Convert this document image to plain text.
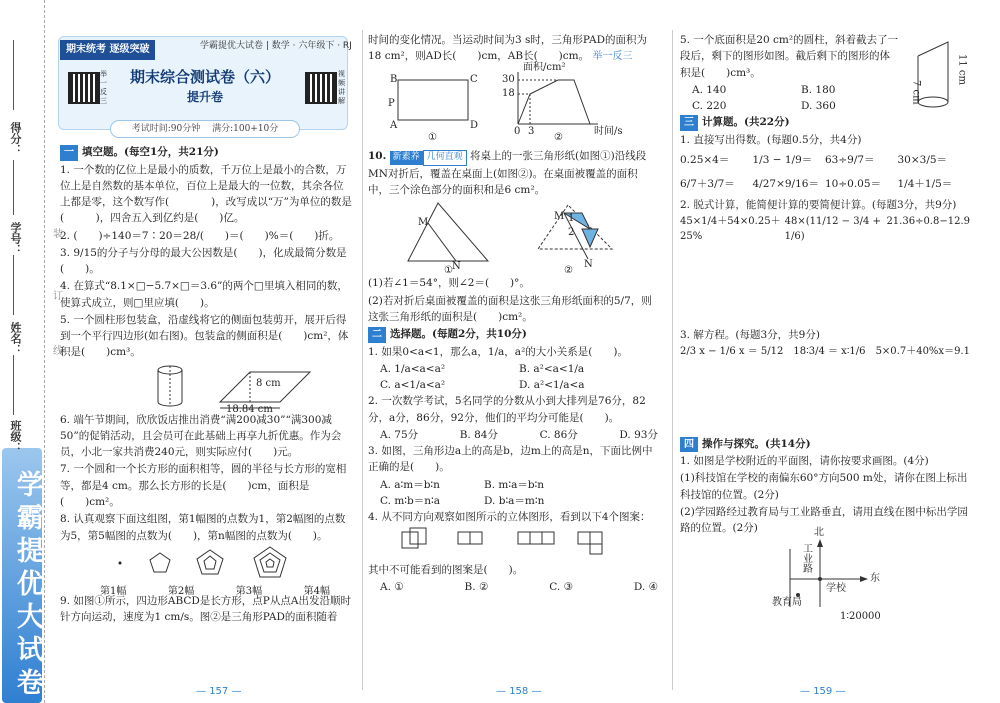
学霸提优大试卷
得分：
学号：
姓名：
班级：
装
订
线
期末统考 逐级突破	学霸提优大试卷 | 数学 · 六年级下 · RJ
举一反三
视频讲解
期末综合测试卷（六）
提升卷
考试时间:90分钟　 满分:100+10分

一 填空题。(每空1分，共21分)

1. 一个数的亿位上是最小的质数，千万位上是最小的合数，万位上是自然数的基本单位，百位上是最大的一位数，其余各位上都是零，这个数写作(　　　　)，改写成以“万”为单位的数是(　　　)，四舍五入到亿约是(　　)亿。

2. (　　)÷140＝7∶20＝28/(　　)＝(　　)%＝(　　)折。

3. 9/15的分子与分母的最大公因数是(　　)，化成最简分数是(　　)。

4. 在算式“8.1×□−5.7×□＝3.6”的两个□里填入相同的数，使算式成立，则□里应填(　　)。

5. 一个圆柱形包装盒，沿虚线将它的侧面包装剪开，展开后得到一个平行四边形(如右图)。包装盒的侧面积是(　　)cm²，体积是(　　)cm³。

8 cm
18.84 cm

6. 端午节期间，欣欣饭店推出消费“满200减30”“满300减50”的促销活动，且会员可在此基础上再享九折优惠。作为会员，小北一家共消费240元，则实际应付(　　)元。

7. 一个圆和一个长方形的面积相等，圆的半径与长方形的宽相等，都是4 cm。那么长方形的长是(　　)cm，面积是(　　)cm²。

8. 认真观察下面这组图，第1幅图的点数为1，第2幅图的点数为5，第5幅图的点数为(　　)，第n幅图的点数为(　　)。

第1幅	第2幅	第3幅	第4幅

9. 如图①所示，四边形ABCD是长方形，点P从点A出发沿顺时针方向运动，速度为1 cm/s。图②是三角形PAD的面积随着

时间的变化情况。当运动时间为3 s时，三角形PAD的面积为18 cm²，则AD长(　　)cm，AB长(　　)cm。 举一反三

B	C
A	D
P
面积/cm²
30
18
0 3	时间/s
①	②

10. 新素养 几何直观 将桌上的一张三角形纸(如图①)沿线段MN对折后，覆盖在桌面上(如图②)。在桌面被覆盖的面积中，三个涂色部分的面积和是6 cm²。

M
N
M
N
1
2
①	②

(1)若∠1＝54°，则∠2＝(　　)°。

(2)若对折后桌面被覆盖的面积是这张三角形纸面积的5/7，则这张三角形纸的面积是(　　)cm²。

二 选择题。(每题2分，共10分)

1. 如果0<a<1，那么a，1/a，a²的大小关系是(　　)。

A. 1/a<a<a²	B. a²<a<1/a
C. a<1/a<a²	D. a²<1/a<a

2. 一次数学考试，5名同学的分数从小到大排列是76分，82分，a分，86分，92分，他们的平均分可能是(　　)。

A. 75分	B. 84分	C. 86分	D. 93分

3. 如图，三角形边a上的高是b，边m上的高是n，下面比例中正确的是(　　)。

A. a∶m＝b∶n	B. m∶a＝b∶n
C. m∶b＝n∶a	D. b∶a＝m∶n

4. 从不同方向观察如图所示的立体图形，看到以下4个图案：

其中不可能看到的图案是(　　)。

A. ①	B. ②	C. ③	D. ④

5. 一个底面积是20 cm²的圆柱，斜着截去了一段后，剩下的图形如图。截后剩下的图形的体积是(　　)cm³。

A. 140	B. 180
C. 220	D. 360
7 cm
11 cm

三 计算题。(共22分)

1. 直接写出得数。(每题0.5分，共4分)

0.25×4＝	1/3 − 1/9＝	63÷9/7＝	30×3/5＝
6/7＋3/7＝	4/27×9/16＝ 10÷0.05＝	1/4＋1/5＝

2. 脱式计算，能简便计算的要简便计算。(每题3分，共9分)

45×1/4＋54×0.25＋25%
48×(11/12 − 3/4 + 1/6)
21.36÷0.8−12.9

3. 解方程。(每题3分，共9分)

2/3 x − 1/6 x ＝ 5/12 18∶3/4 ＝ x∶1/6 5×0.7＋40%x＝9.1

四 操作与探究。(共14分)

1. 如图是学校附近的平面图，请你按要求画图。(4分)

(1)科技馆在学校的南偏东60°方向500 m处，请你在图上标出科技馆的位置。(2分)

(2)学园路经过教育局与工业路垂直，请用直线在图中标出学园路的位置。(2分)	北
东
工业路
学校
教育局
1∶20000
— 157 —	— 158 —	— 159 —
